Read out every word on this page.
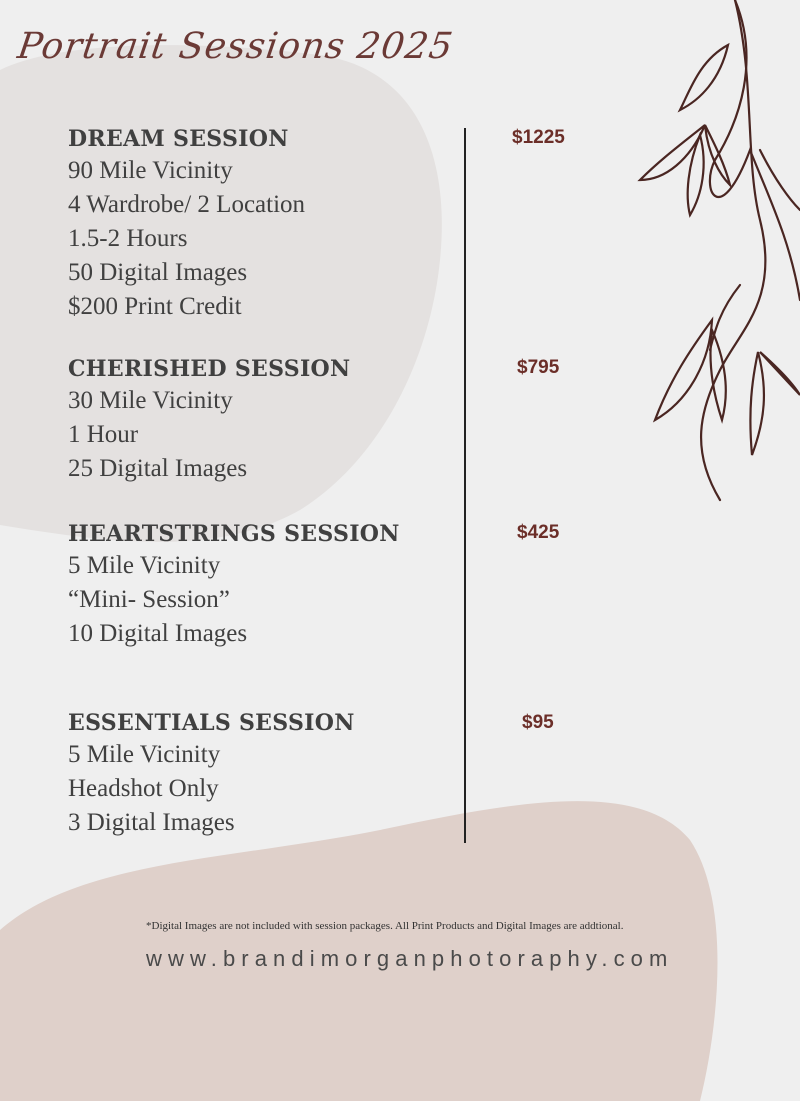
Portrait Sessions 2025
DREAM SESSION
90 Mile Vicinity
4 Wardrobe/ 2 Location
1.5-2 Hours
50 Digital Images
$200 Print Credit
$1225
CHERISHED SESSION
30 Mile Vicinity
1 Hour
25 Digital Images
$795
HEARTSTRINGS SESSION
5 Mile Vicinity
“Mini- Session”
10 Digital Images
$425
ESSENTIALS SESSION
5 Mile Vicinity
Headshot Only
3 Digital Images
$95
*Digital Images are not included with session packages. All Print Products and Digital Images are addtional.
www.brandimorganphotoraphy.com
